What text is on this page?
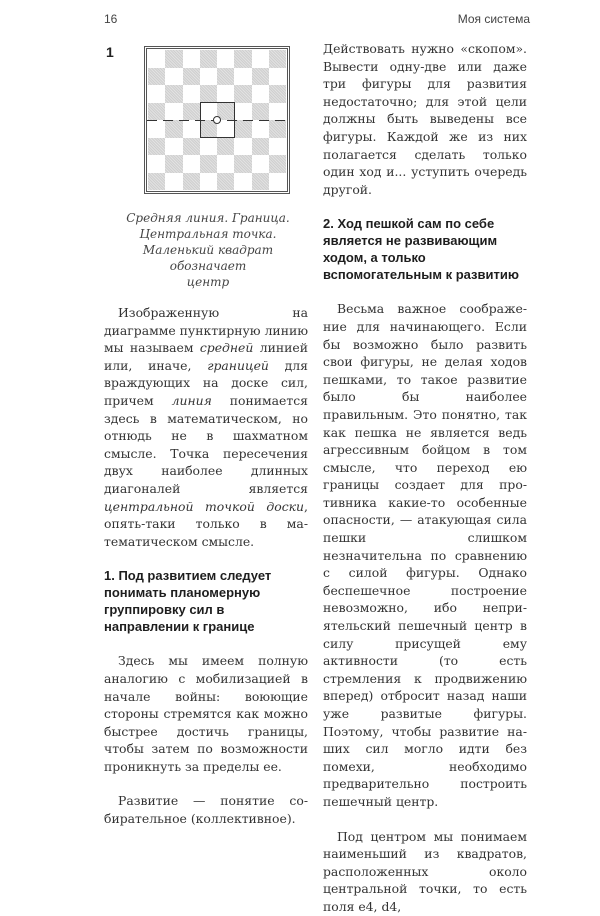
16	Моя система
1
Средняя линия. Граница.
Центральная точка.
Маленький квадрат обозначает
центр

Изображенную на диаграмме пунктирную линию мы называем средней линией или, иначе, границей для враждующих на доске сил, причем линия понимается здесь в математическом, но отнюдь не в шахматном смысле. Точка пересечения двух наиболее длинных диагоналей является центральной точкой доски, опять-таки только в математическом смысле.

1. Под развитием следует понимать планомерную группировку сил в направлении к границе

Здесь мы имеем полную аналогию с мобилизацией в начале войны: воюющие стороны стремятся как можно быстрее достичь границы, чтобы затем по возможности проникнуть за пределы ее.

Развитие — понятие собирательное (коллективное).

Действовать нужно «скопом». Вывести одну-две или даже три фигуры для развития недостаточно; для этой цели должны быть выведены все фигуры. Каждой же из них полагается сделать только один ход и... уступить очередь другой.

2. Ход пешкой сам по себе является не развивающим ходом, а только вспомогательным к развитию

Весьма важное соображение для начинающего. Если бы возможно было развить свои фигуры, не делая ходов пешками, то такое развитие было бы наиболее правильным. Это понятно, так как пешка не является ведь агрессивным бойцом в том смысле, что переход ею границы создает для противника какие-то особенные опасности, — атакующая сила пешки слишком незначительна по сравнению с силой фигуры. Однако беспешечное построение невозможно, ибо неприятельский пешечный центр в силу присущей ему активности (то есть стремления к продвижению вперед) отбросит назад наши уже развитые фигуры. Поэтому, чтобы развитие наших сил могло идти без помехи, необходимо предварительно построить пешечный центр.

Под центром мы понимаем наименьший из квадратов, расположенных около центральной точки, то есть поля e4, d4,
